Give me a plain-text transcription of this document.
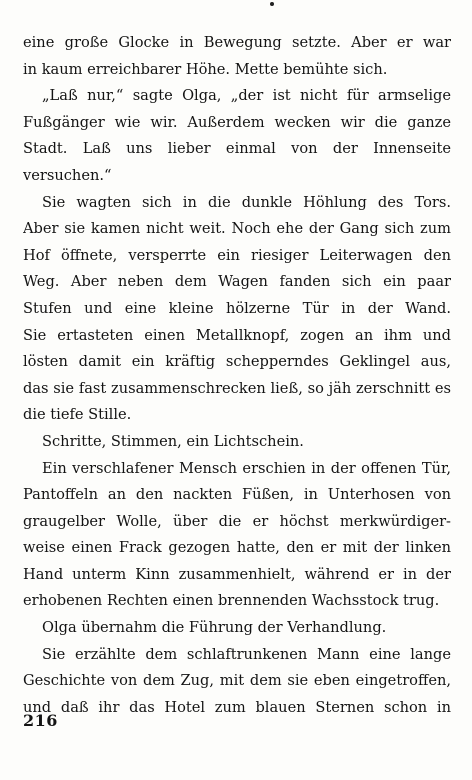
eine große Glocke in Bewegung setzte. Aber er war
in kaum erreichbarer Höhe. Mette bemühte sich.
„Laß nur,“ sagte Olga, „der ist nicht für armselige
Fußgänger wie wir. Außerdem wecken wir die ganze
Stadt. Laß uns lieber einmal von der Innenseite
versuchen.“
Sie wagten sich in die dunkle Höhlung des Tors.
Aber sie kamen nicht weit. Noch ehe der Gang sich zum
Hof öffnete, versperrte ein riesiger Leiterwagen den
Weg. Aber neben dem Wagen fanden sich ein paar
Stufen und eine kleine hölzerne Tür in der Wand.
Sie ertasteten einen Metallknopf, zogen an ihm und
lösten damit ein kräftig schepperndes Geklingel aus,
das sie fast zusammenschrecken ließ, so jäh zerschnitt es
die tiefe Stille.
Schritte, Stimmen, ein Lichtschein.
Ein verschlafener Mensch erschien in der offenen Tür,
Pantoffeln an den nackten Füßen, in Unterhosen von
graugelber Wolle, über die er höchst merkwürdiger-
weise einen Frack gezogen hatte, den er mit der linken
Hand unterm Kinn zusammenhielt, während er in der
erhobenen Rechten einen brennenden Wachsstock trug.
Olga übernahm die Führung der Verhandlung.
Sie erzählte dem schlaftrunkenen Mann eine lange
Geschichte von dem Zug, mit dem sie eben eingetroffen,
und daß ihr das Hotel zum blauen Sternen schon in
216
